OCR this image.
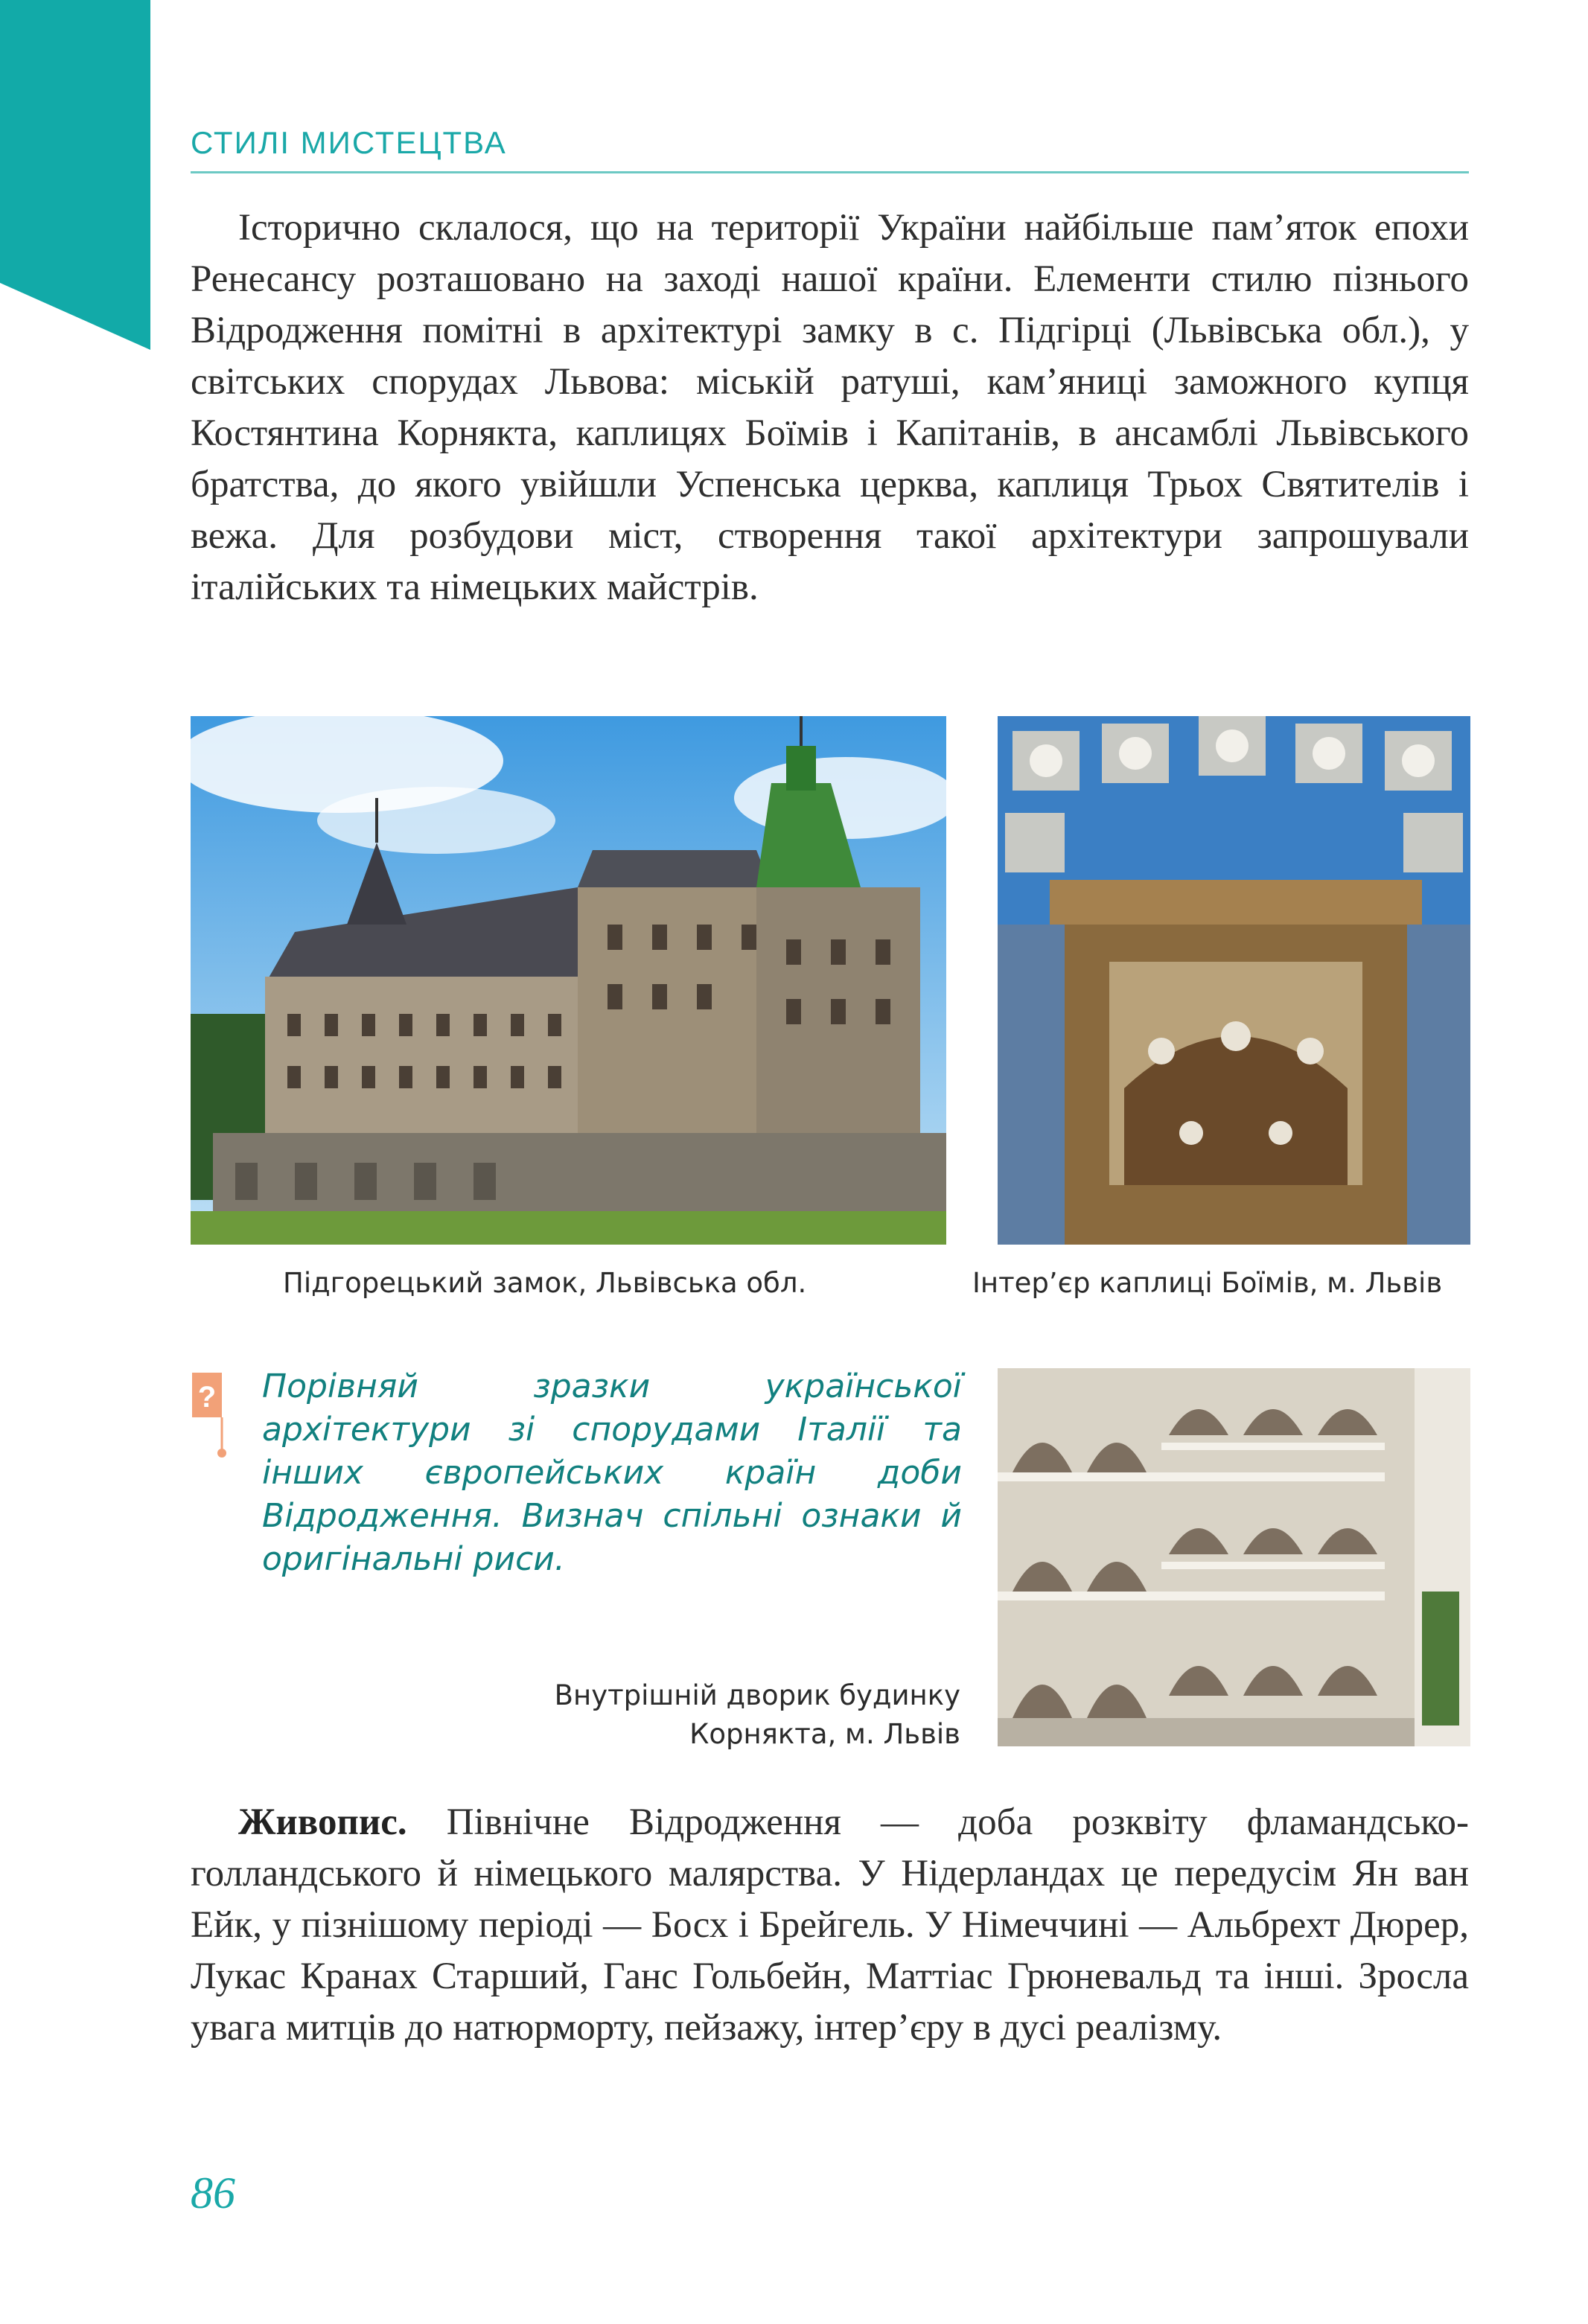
СТИЛІ МИСТЕЦТВА

Історично склалося, що на території України найбільше пам’яток епохи Ренесансу розташовано на заході нашої країни. Елементи стилю пізнього Відродження помітні в архітектурі замку в с. Підгірці (Львівська обл.), у світських спорудах Львова: міській ратуші, кам’яниці заможного купця Костянтина Корнякта, каплицях Боїмів і Капітанів, в ансамблі Львівського братства, до якого увійшли Успенська церква, каплиця Трьох Святителів і вежа. Для розбудови міст, створення такої архітектури запрошували італійських та німецьких майстрів.

Підгорецький замок, Львівська обл.	Інтер’єр каплиці Боїмів, м. Львів
? Порівняй зразки української архітектури зі спорудами Італії та інших європейських країн доби Відродження. Визнач спільні ознаки й оригінальні риси.
Внутрішній дворик будинку
Корнякта, м. Львів

Живопис. Північне Відродження — доба розквіту фламандсько-голландського й німецького малярства. У Нідерландах це передусім Ян ван Ейк, у пізнішому періоді — Босх і Брейгель. У Німеччині — Альбрехт Дюрер, Лукас Кранах Старший, Ганс Гольбейн, Маттіас Грюневальд та інші. Зросла увага митців до натюрморту, пейзажу, інтер’єру в дусі реалізму.

86
